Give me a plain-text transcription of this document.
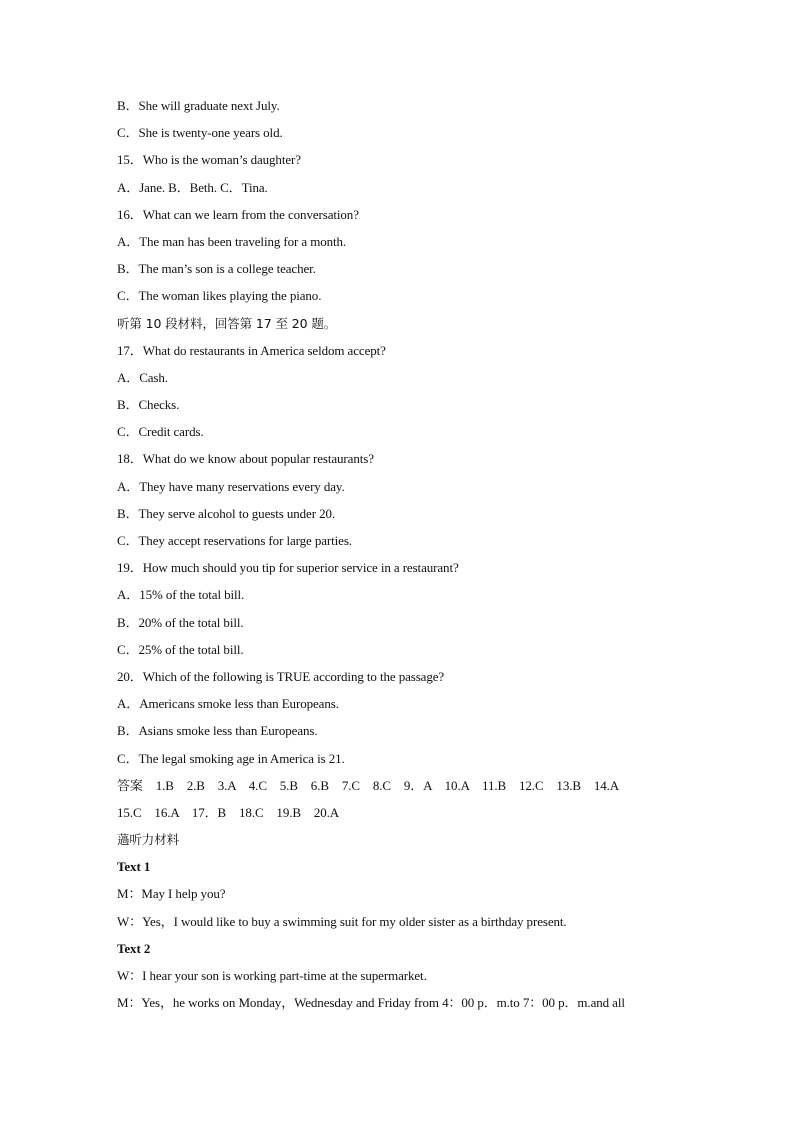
B．She will graduate next July.
C．She is twenty-one years old.
15．Who is the woman’s daughter?
A．Jane. B．Beth. C．Tina.
16．What can we learn from the conversation?
A．The man has been traveling for a month.
B．The man’s son is a college teacher.
C．The woman likes playing the piano.
听第 10 段材料，回答第 17 至 20 题。
17．What do restaurants in America seldom accept?
A．Cash.
B．Checks.
C．Credit cards.
18．What do we know about popular restaurants?
A．They have many reservations every day.
B．They serve alcohol to guests under 20.
C．They accept reservations for large parties.
19．How much should you tip for superior service in a restaurant?
A．15% of the total bill.
B．20% of the total bill.
C．25% of the total bill.
20．Which of the following is TRUE according to the passage?
A．Americans smoke less than Europeans.
B．Asians smoke less than Europeans.
C．The legal smoking age in America is 21.
答案　1.B　2.B　3.A　4.C　5.B　6.B　7.C　8.C　9．A　10.A　11.B　12.C　13.B　14.A
15.C　16.A　17．B　18.C　19.B　20.A
薖听力材料
Text 1
M：May I help you?
W：Yes，I would like to buy a swimming suit for my older sister as a birthday present.
Text 2
W：I hear your son is working part-time at the supermarket.
M：Yes，he works on Monday，Wednesday and Friday from 4：00 p．m.to 7：00 p．m.and all
